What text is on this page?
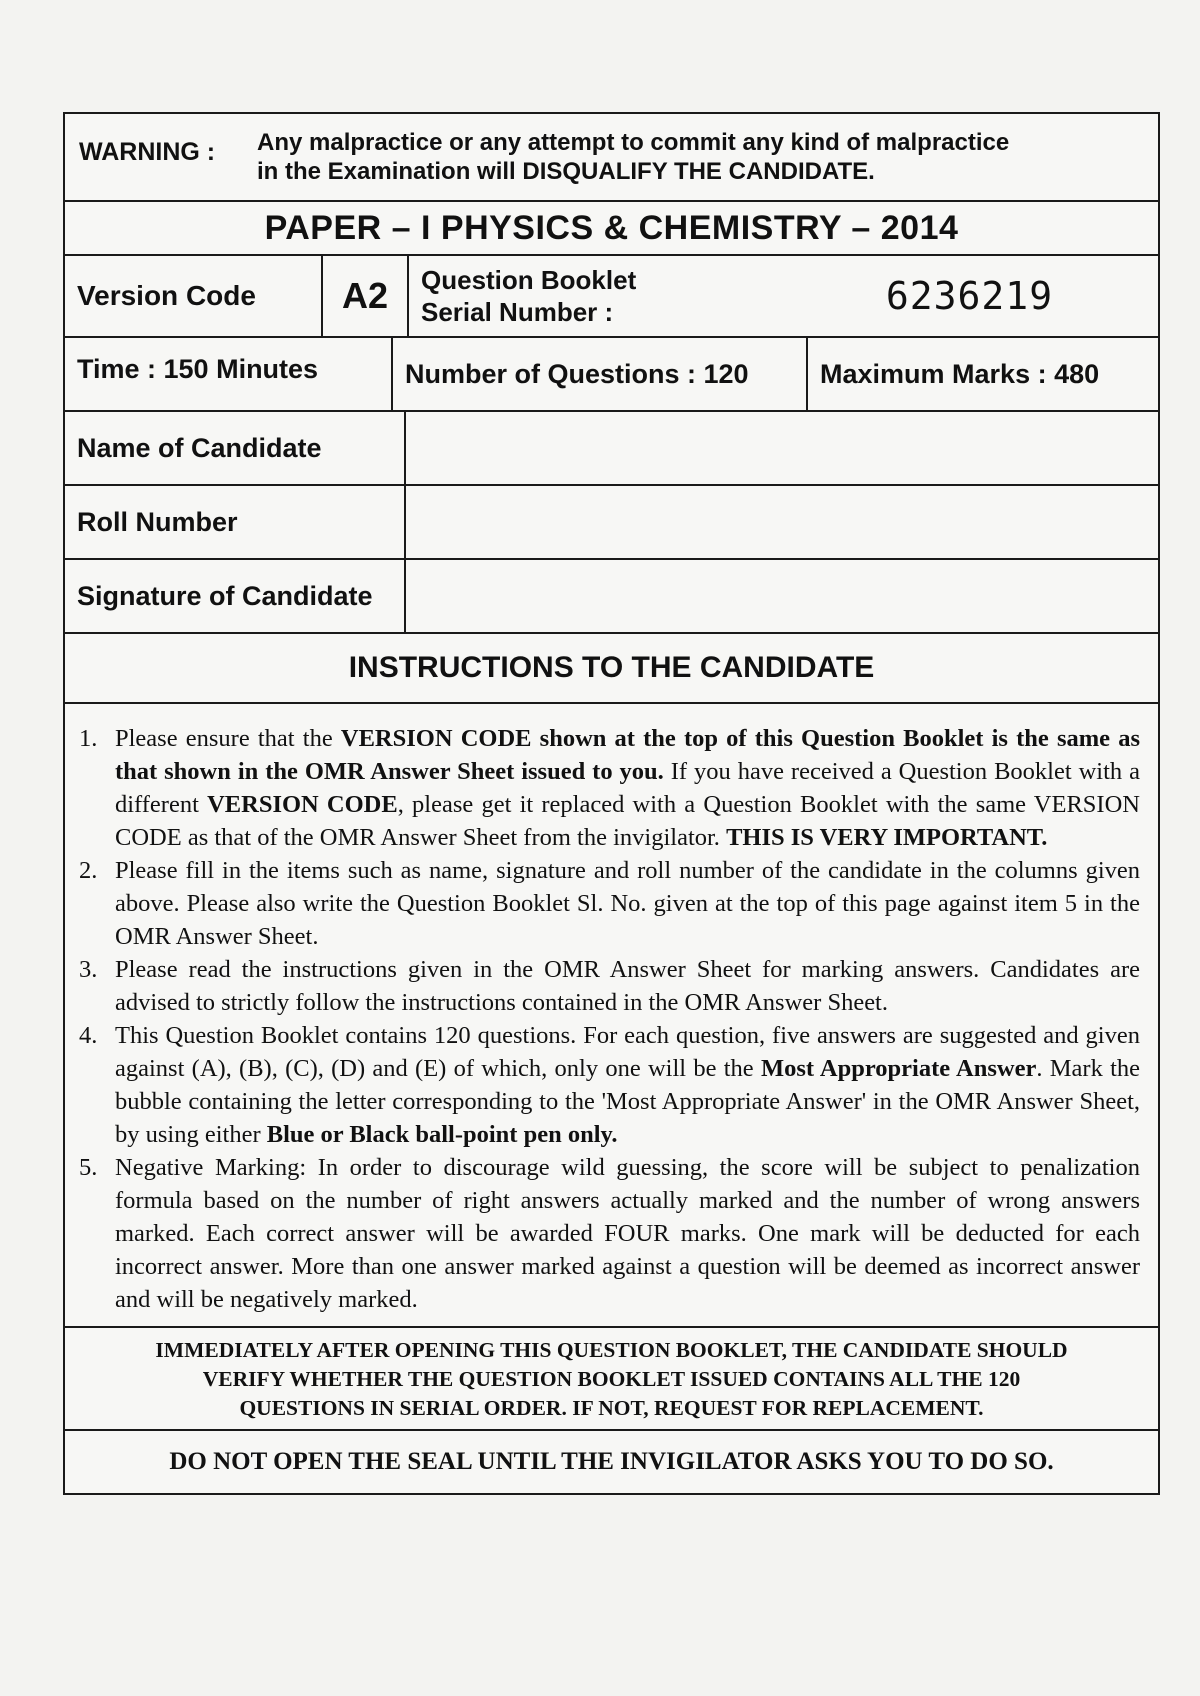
WARNING :	Any malpractice or any attempt to commit any kind of malpractice
in the Examination will DISQUALIFY THE CANDIDATE.
PAPER – I PHYSICS & CHEMISTRY – 2014
Version Code	A2	Question Booklet
Serial Number :	6236219
Time : 150 Minutes	Number of Questions : 120	Maximum Marks : 480
Name of Candidate
Roll Number
Signature of Candidate
INSTRUCTIONS TO THE CANDIDATE
1. Please ensure that the VERSION CODE shown at the top of this Question Booklet is the same as that shown in the OMR Answer Sheet issued to you. If you have received a Question Booklet with a different VERSION CODE, please get it replaced with a Question Booklet with the same VERSION CODE as that of the OMR Answer Sheet from the invigilator. THIS IS VERY IMPORTANT.
2. Please fill in the items such as name, signature and roll number of the candidate in the columns given above. Please also write the Question Booklet Sl. No. given at the top of this page against item 5 in the OMR Answer Sheet.
3. Please read the instructions given in the OMR Answer Sheet for marking answers. Candidates are advised to strictly follow the instructions contained in the OMR Answer Sheet.
4. This Question Booklet contains 120 questions. For each question, five answers are suggested and given against (A), (B), (C), (D) and (E) of which, only one will be the Most Appropriate Answer. Mark the bubble containing the letter corresponding to the 'Most Appropriate Answer' in the OMR Answer Sheet, by using either Blue or Black ball-point pen only.
5. Negative Marking: In order to discourage wild guessing, the score will be subject to penalization formula based on the number of right answers actually marked and the number of wrong answers marked. Each correct answer will be awarded FOUR marks. One mark will be deducted for each incorrect answer. More than one answer marked against a question will be deemed as incorrect answer and will be negatively marked.
IMMEDIATELY AFTER OPENING THIS QUESTION BOOKLET, THE CANDIDATE SHOULD
VERIFY WHETHER THE QUESTION BOOKLET ISSUED CONTAINS ALL THE 120
QUESTIONS IN SERIAL ORDER. IF NOT, REQUEST FOR REPLACEMENT.
DO NOT OPEN THE SEAL UNTIL THE INVIGILATOR ASKS YOU TO DO SO.
